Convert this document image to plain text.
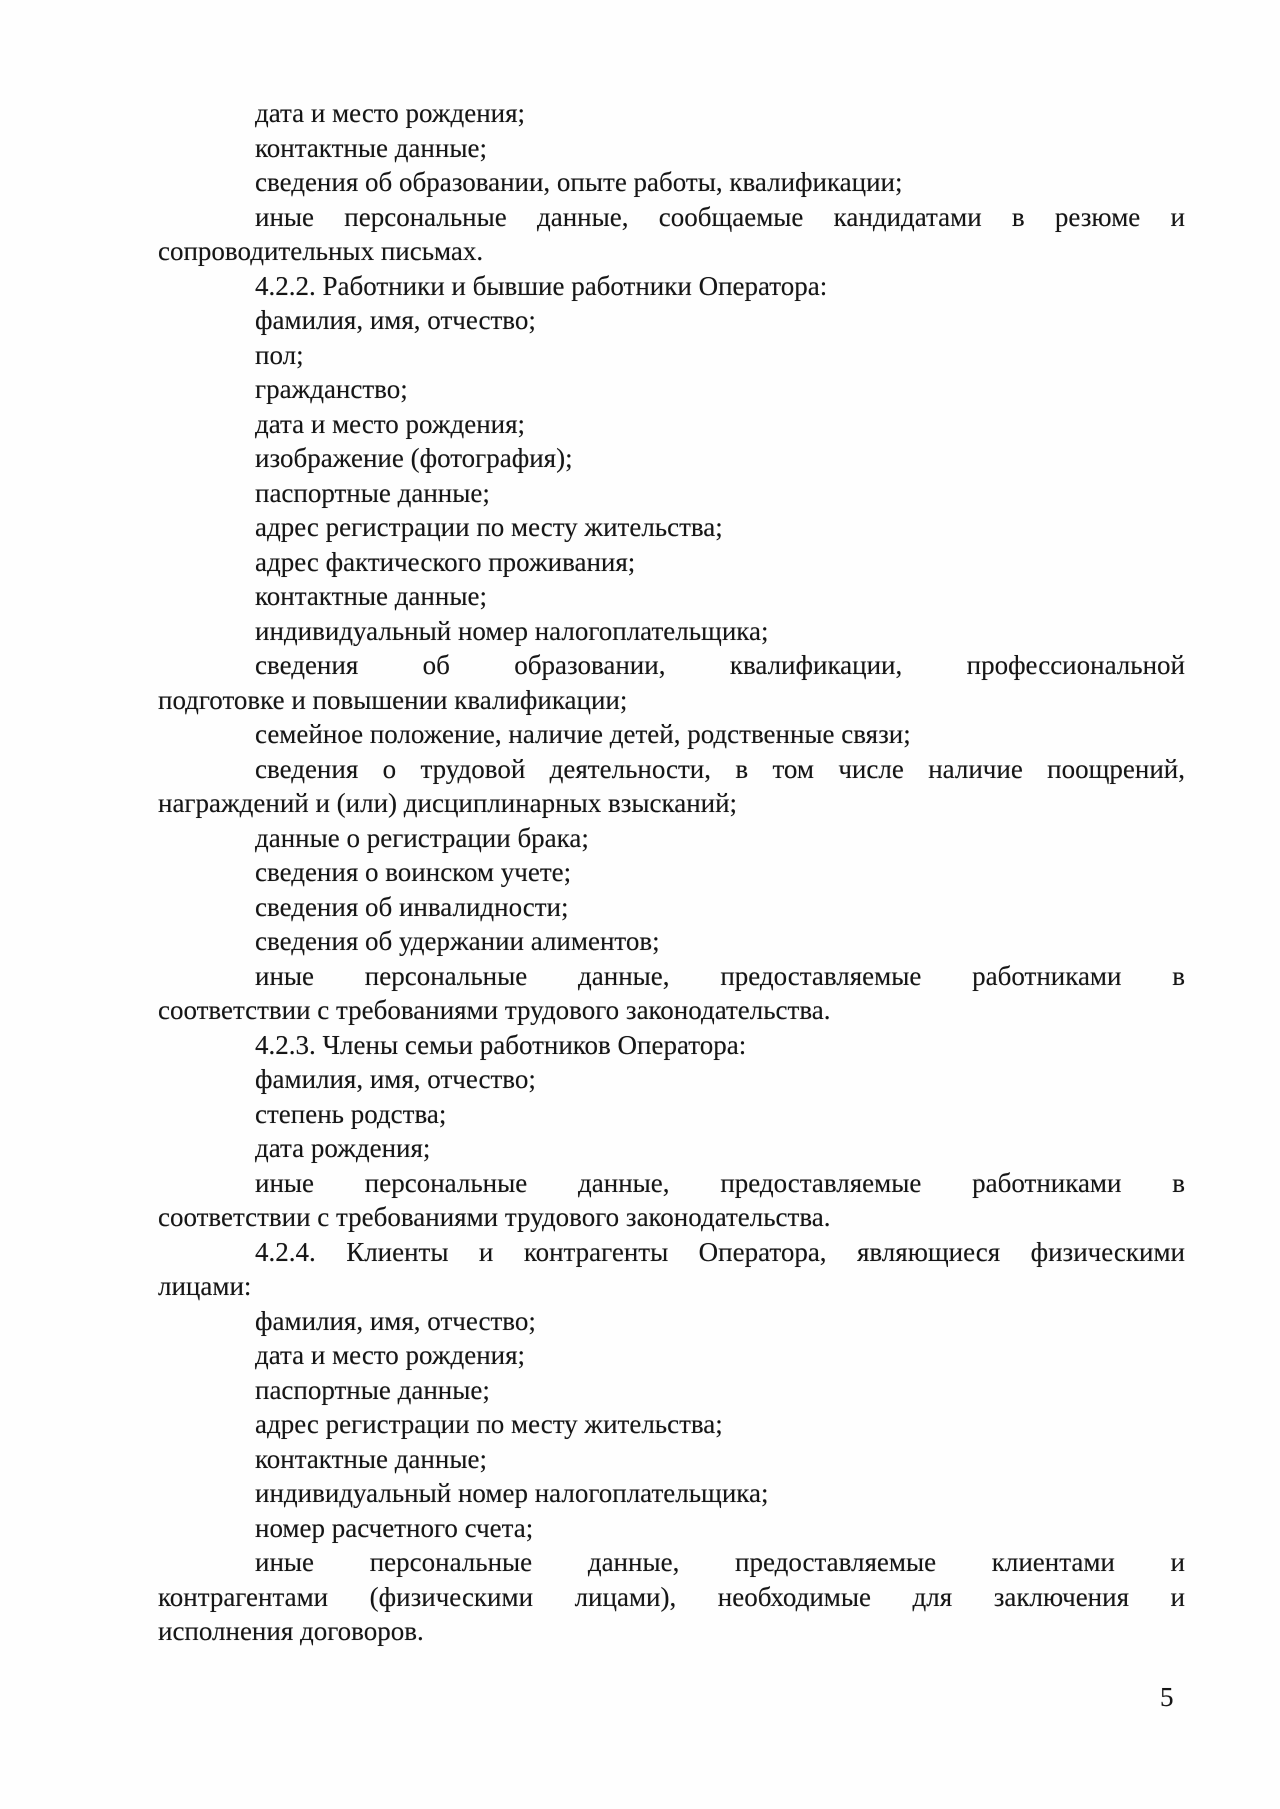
дата и место рождения;
контактные данные;
сведения об образовании, опыте работы, квалификации;
иные персональные данные, сообщаемые кандидатами в резюме и
сопроводительных письмах.
4.2.2. Работники и бывшие работники Оператора:
фамилия, имя, отчество;
пол;
гражданство;
дата и место рождения;
изображение (фотография);
паспортные данные;
адрес регистрации по месту жительства;
адрес фактического проживания;
контактные данные;
индивидуальный номер налогоплательщика;
сведения об образовании, квалификации, профессиональной
подготовке и повышении квалификации;
семейное положение, наличие детей, родственные связи;
сведения о трудовой деятельности, в том числе наличие поощрений,
награждений и (или) дисциплинарных взысканий;
данные о регистрации брака;
сведения о воинском учете;
сведения об инвалидности;
сведения об удержании алиментов;
иные персональные данные, предоставляемые работниками в
соответствии с требованиями трудового законодательства.
4.2.3. Члены семьи работников Оператора:
фамилия, имя, отчество;
степень родства;
дата рождения;
иные персональные данные, предоставляемые работниками в
соответствии с требованиями трудового законодательства.
4.2.4. Клиенты и контрагенты Оператора, являющиеся физическими
лицами:
фамилия, имя, отчество;
дата и место рождения;
паспортные данные;
адрес регистрации по месту жительства;
контактные данные;
индивидуальный номер налогоплательщика;
номер расчетного счета;
иные персональные данные, предоставляемые клиентами и
контрагентами (физическими лицами), необходимые для заключения и
исполнения договоров.
5
